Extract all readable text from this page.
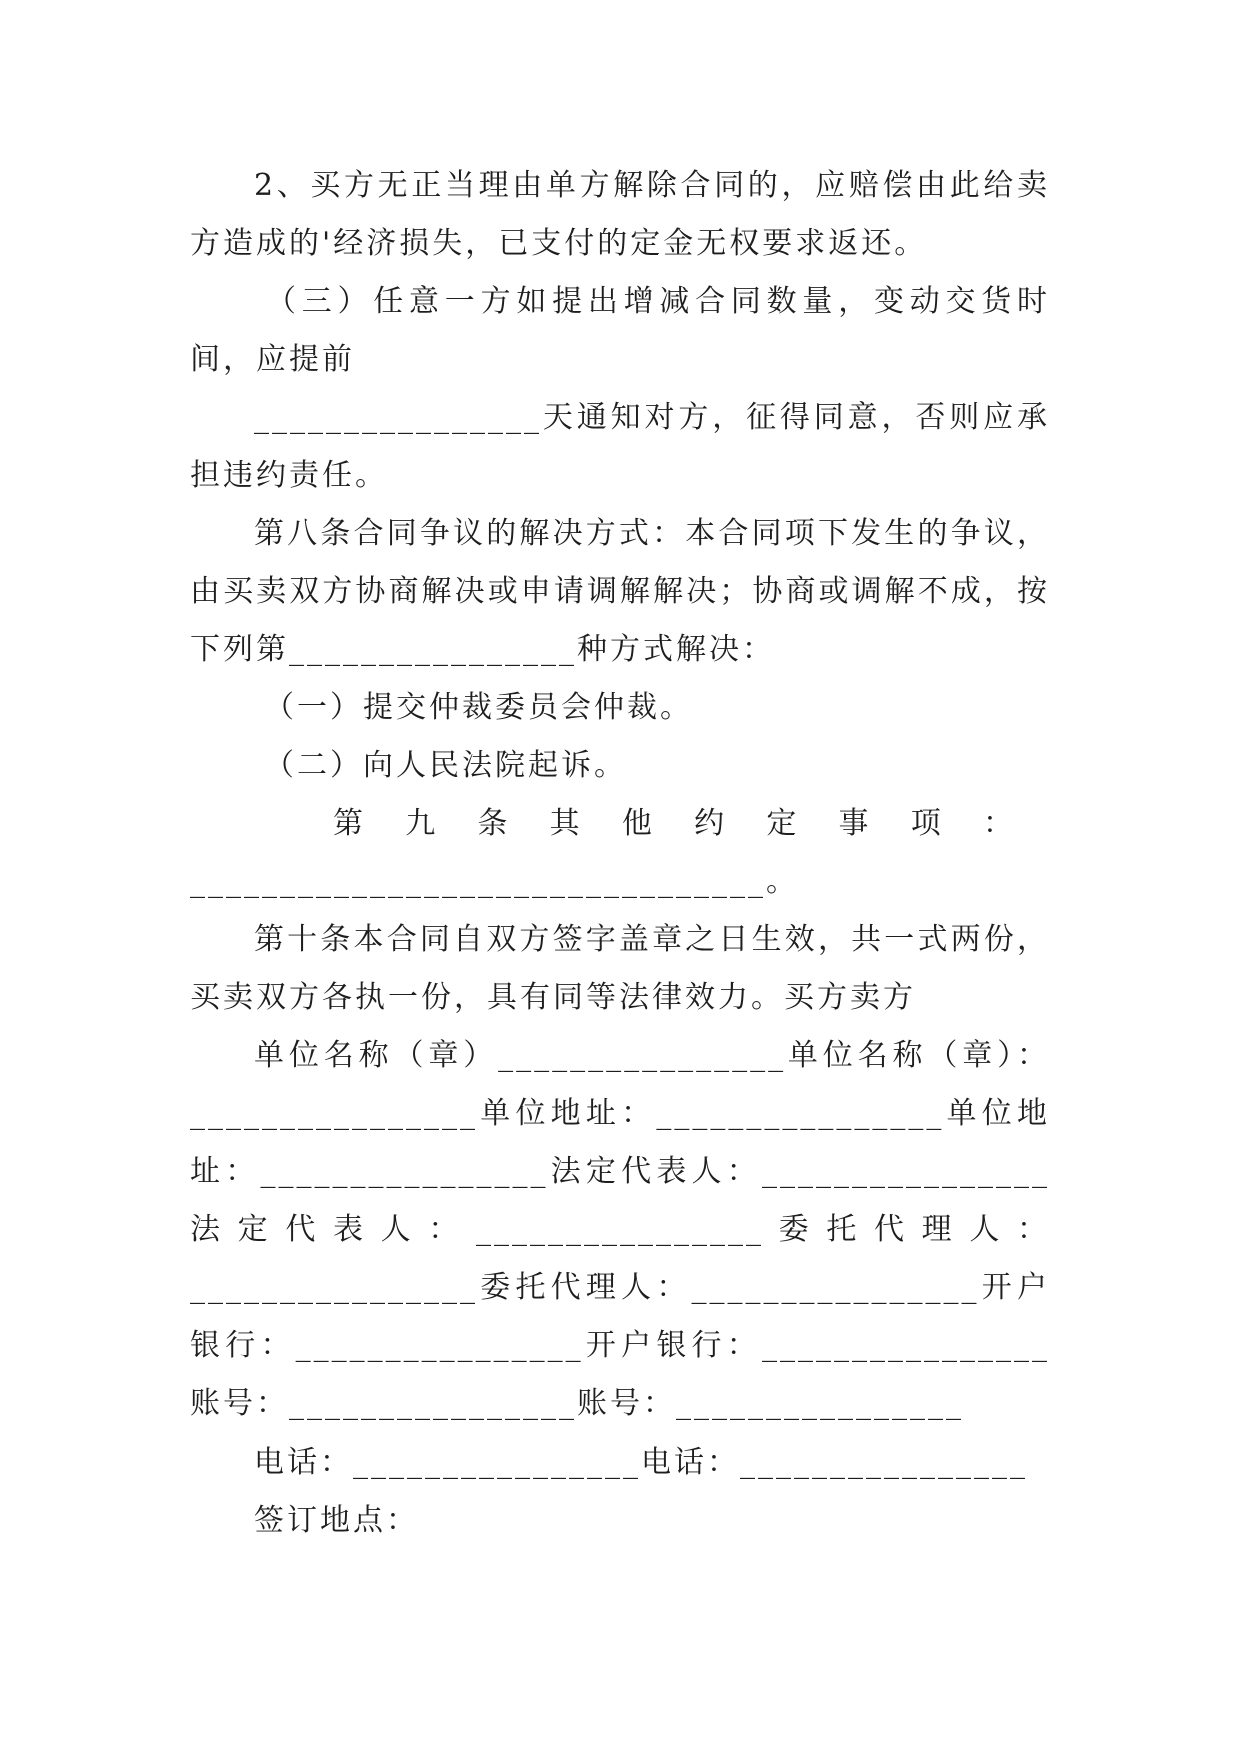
2、买方无正当理由单方解除合同的，应赔偿由此给卖方造成的'经济损失，已支付的定金无权要求返还。

（三）任意一方如提出增减合同数量，变动交货时间，应提前

________________天通知对方，征得同意，否则应承担违约责任。

第八条合同争议的解决方式：本合同项下发生的争议，由买卖双方协商解决或申请调解解决；协商或调解不成，按下列第________________种方式解决：

（一）提交仲裁委员会仲裁。

（二）向人民法院起诉。

第九条其他约定事项：________________________________。

第十条本合同自双方签字盖章之日生效，共一式两份，买卖双方各执一份，具有同等法律效力。买方卖方

单位名称（章）________________单位名称（章）：________________单位地址：________________单位地址：________________法定代表人：________________法定代表人：________________委托代理人：________________委托代理人：________________开户银行：________________开户银行：________________账号：________________账号：________________

电话：________________电话：________________

签订地点：
